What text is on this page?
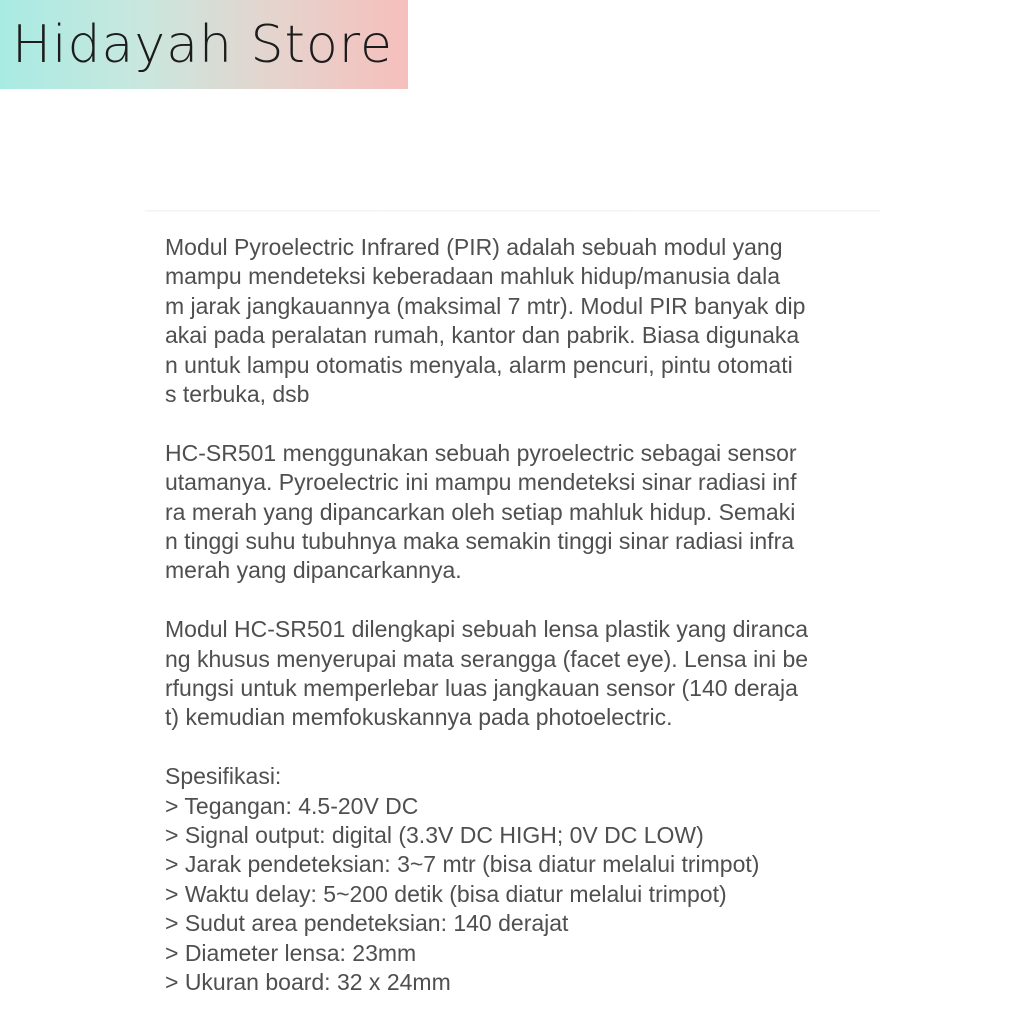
Hidayah Store
Modul Pyroelectric Infrared (PIR) adalah sebuah modul yang
mampu mendeteksi keberadaan mahluk hidup/manusia dala
m jarak jangkauannya (maksimal 7 mtr). Modul PIR banyak dip
akai pada peralatan rumah, kantor dan pabrik. Biasa digunaka
n untuk lampu otomatis menyala, alarm pencuri, pintu otomati
s terbuka, dsb
HC-SR501 menggunakan sebuah pyroelectric sebagai sensor
utamanya. Pyroelectric ini mampu mendeteksi sinar radiasi inf
ra merah yang dipancarkan oleh setiap mahluk hidup. Semaki
n tinggi suhu tubuhnya maka semakin tinggi sinar radiasi infra
merah yang dipancarkannya.
Modul HC-SR501 dilengkapi sebuah lensa plastik yang diranca
ng khusus menyerupai mata serangga (facet eye). Lensa ini be
rfungsi untuk memperlebar luas jangkauan sensor (140 deraja
t) kemudian memfokuskannya pada photoelectric.
Spesifikasi:
> Tegangan: 4.5-20V DC
> Signal output: digital (3.3V DC HIGH; 0V DC LOW)
> Jarak pendeteksian: 3~7 mtr (bisa diatur melalui trimpot)
> Waktu delay: 5~200 detik (bisa diatur melalui trimpot)
> Sudut area pendeteksian: 140 derajat
> Diameter lensa: 23mm
> Ukuran board: 32 x 24mm
